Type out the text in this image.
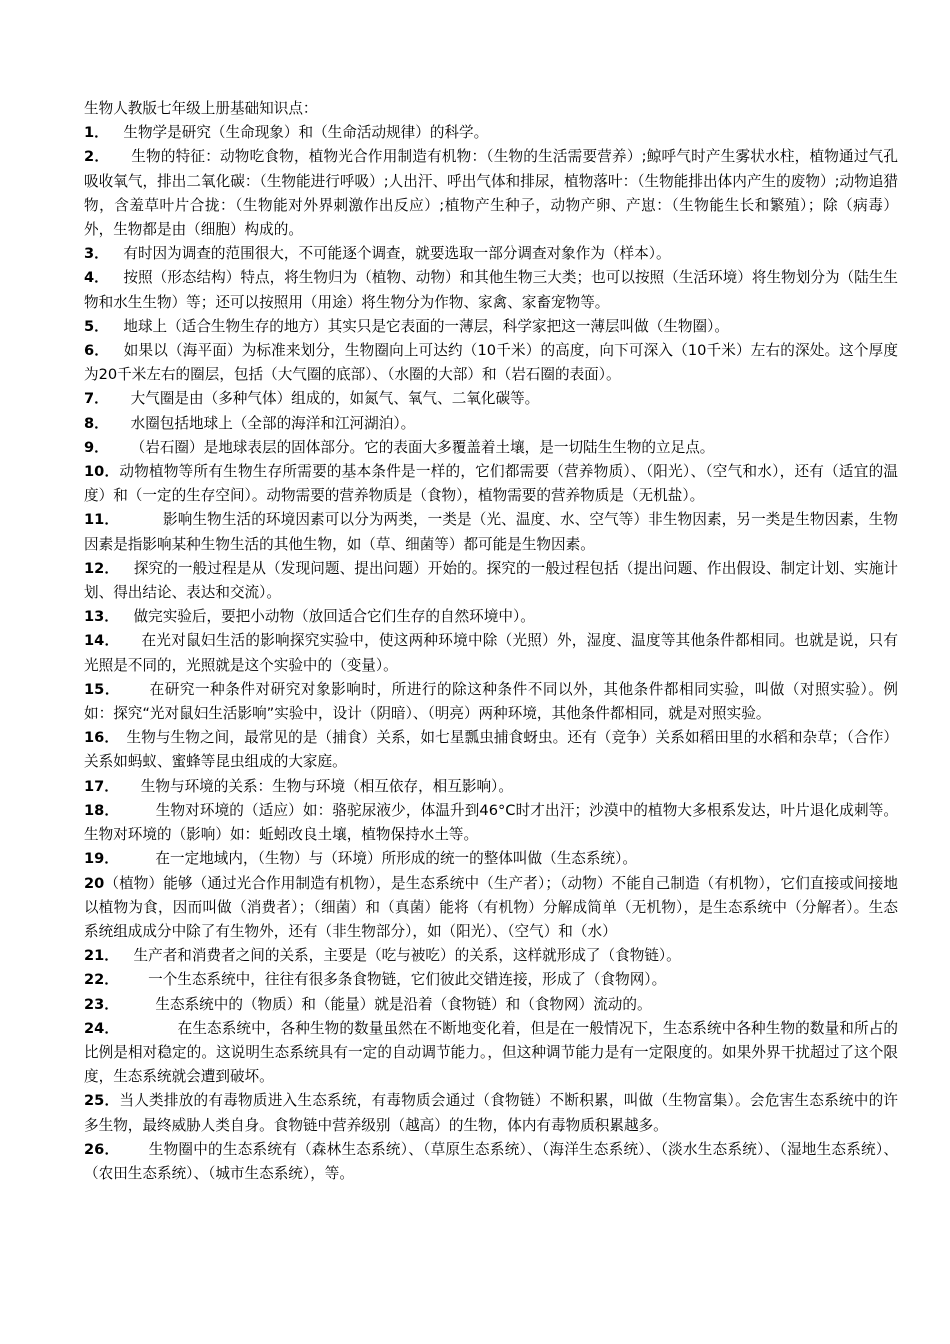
生物人教版七年级上册基础知识点：

1．  生物学是研究（生命现象）和（生命活动规律）的科学。

2．   生物的特征：动物吃食物，植物光合作用制造有机物：（生物的生活需要营养）;鲸呼气时产生雾状水柱，植物通过气孔吸收氧气，排出二氧化碳：（生物能进行呼吸）;人出汗、呼出气体和排尿，植物落叶：（生物能排出体内产生的废物）;动物追猎物，含羞草叶片合拢：（生物能对外界刺激作出反应）;植物产生种子，动物产卵、产崽：（生物能生长和繁殖）；除（病毒）外，生物都是由（细胞）构成的。

3．  有时因为调查的范围很大，不可能逐个调查，就要选取一部分调查对象作为（样本）。

4．  按照（形态结构）特点，将生物归为（植物、动物）和其他生物三大类；也可以按照（生活环境）将生物划分为（陆生生物和水生生物）等；还可以按照用（用途）将生物分为作物、家禽、家畜宠物等。

5．  地球上（适合生物生存的地方）其实只是它表面的一薄层，科学家把这一薄层叫做（生物圈）。

6．  如果以（海平面）为标准来划分，生物圈向上可达约（10千米）的高度，向下可深入（10千米）左右的深处。这个厚度为20千米左右的圈层，包括（大气圈的底部）、（水圈的大部）和（岩石圈的表面）。

7．   大气圈是由（多种气体）组成的，如氮气、氧气、二氧化碳等。

8．   水圈包括地球上（全部的海洋和江河湖泊）。

9．   （岩石圈）是地球表层的固体部分。它的表面大多覆盖着土壤，是一切陆生生物的立足点。

10．动物植物等所有生物生存所需要的基本条件是一样的，它们都需要（营养物质）、（阳光）、（空气和水），还有（适宜的温度）和（一定的生存空间）。动物需要的营养物质是（食物），植物需要的营养物质是（无机盐）。

11．   	影响生物生活的环境因素可以分为两类，一类是（光、温度、水、空气等）非生物因素，另一类是生物因素，生物因素是指影响某种生物生活的其他生物，如（草、细菌等）都可能是生物因素。

12．  探究的一般过程是从（发现问题、提出问题）开始的。探究的一般过程包括（提出问题、作出假设、制定计划、实施计划、得出结论、表达和交流）。

13．  做完实验后，要把小动物（放回适合它们生存的自然环境中）。

14．   在光对鼠妇生活的影响探究实验中，使这两种环境中除（光照）外，湿度、温度等其他条件都相同。也就是说，只有光照是不同的，光照就是这个实验中的（变量）。

15．   在研究一种条件对研究对象影响时，所进行的除这种条件不同以外，其他条件都相同实验，叫做（对照实验）。例如：探究“光对鼠妇生活影响”实验中，设计（阴暗）、（明亮）两种环境，其他条件都相同，就是对照实验。

16．  生物与生物之间，最常见的是（捕食）关系，如七星瓢虫捕食蚜虫。还有（竞争）关系如稻田里的水稻和杂草；（合作）关系如蚂蚁、蜜蜂等昆虫组成的大家庭。

17．   生物与环境的关系：生物与环境（相互依存，相互影响）。

18．    生物对环境的（适应）如：骆驼尿液少，体温升到46°C时才出汗；沙漠中的植物大多根系发达，叶片退化成刺等。生物对环境的（影响）如：蚯蚓改良土壤，植物保持水土等。

19．    在一定地域内，（生物）与（环境）所形成的统一的整体叫做（生态系统）。

20（植物）能够（通过光合作用制造有机物），是生态系统中（生产者）；（动物）不能自己制造（有机物），它们直接或间接地以植物为食，因而叫做（消费者）；（细菌）和（真菌）能将（有机物）分解成简单（无机物），是生态系统中（分解者）。生态系统组成成分中除了有生物外，还有（非生物部分），如（阳光）、（空气）和（水）

21．  生产者和消费者之间的关系，主要是（吃与被吃）的关系，这样就形成了（食物链）。

22．   一个生态系统中，往往有很多条食物链，它们彼此交错连接，形成了（食物网）。

23．    生态系统中的（物质）和（能量）就是沿着（食物链）和（食物网）流动的。

24．    	在生态系统中，各种生物的数量虽然在不断地变化着，但是在一般情况下，生态系统中各种生物的数量和所占的比例是相对稳定的。这说明生态系统具有一定的自动调节能力。，但这种调节能力是有一定限度的。如果外界干扰超过了这个限度，生态系统就会遭到破坏。

25．当人类排放的有毒物质进入生态系统，有毒物质会通过（食物链）不断积累，叫做（生物富集）。会危害生态系统中的许多生物，最终威胁人类自身。食物链中营养级别（越高）的生物，体内有毒物质积累越多。

26．   生物圈中的生态系统有（森林生态系统）、（草原生态系统）、（海洋生态系统）、（淡水生态系统）、（湿地生态系统）、（农田生态系统）、（城市生态系统），等。
